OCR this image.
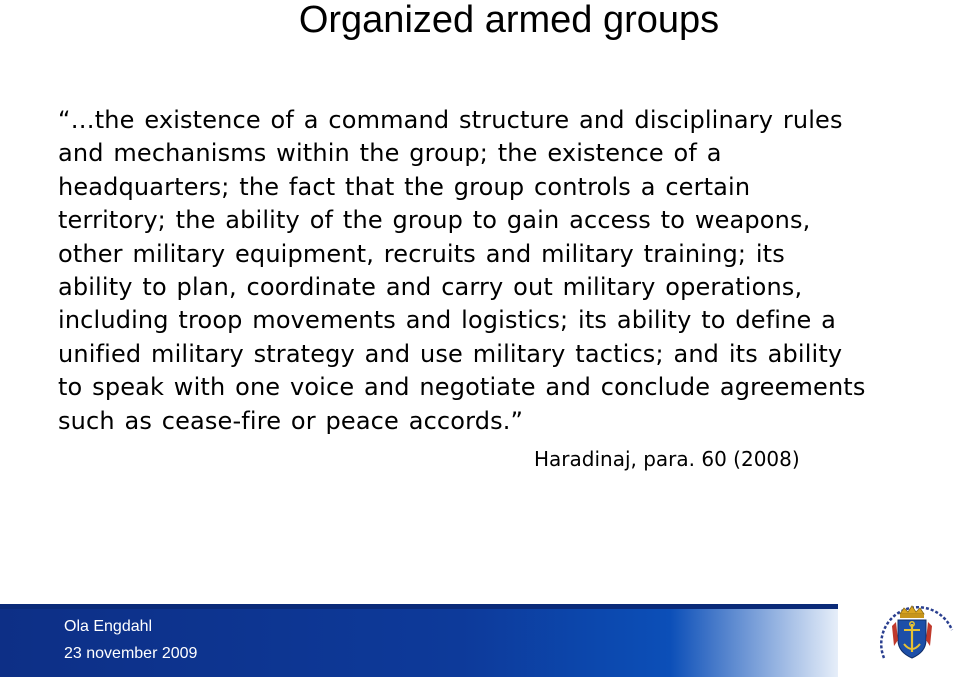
Organized armed groups
“…the existence of a command structure and disciplinary rules
and mechanisms within the group; the existence of a
headquarters; the fact that the group controls a certain
territory; the ability of the group to gain access to weapons,
other military equipment, recruits and military training; its
ability to plan, coordinate and carry out military operations,
including troop movements and logistics; its ability to define a
unified military strategy and use military tactics; and its ability
to speak with one voice and negotiate and conclude agreements
such as cease-fire or peace accords.”
Haradinaj, para. 60 (2008)
Ola Engdahl
23 november 2009
